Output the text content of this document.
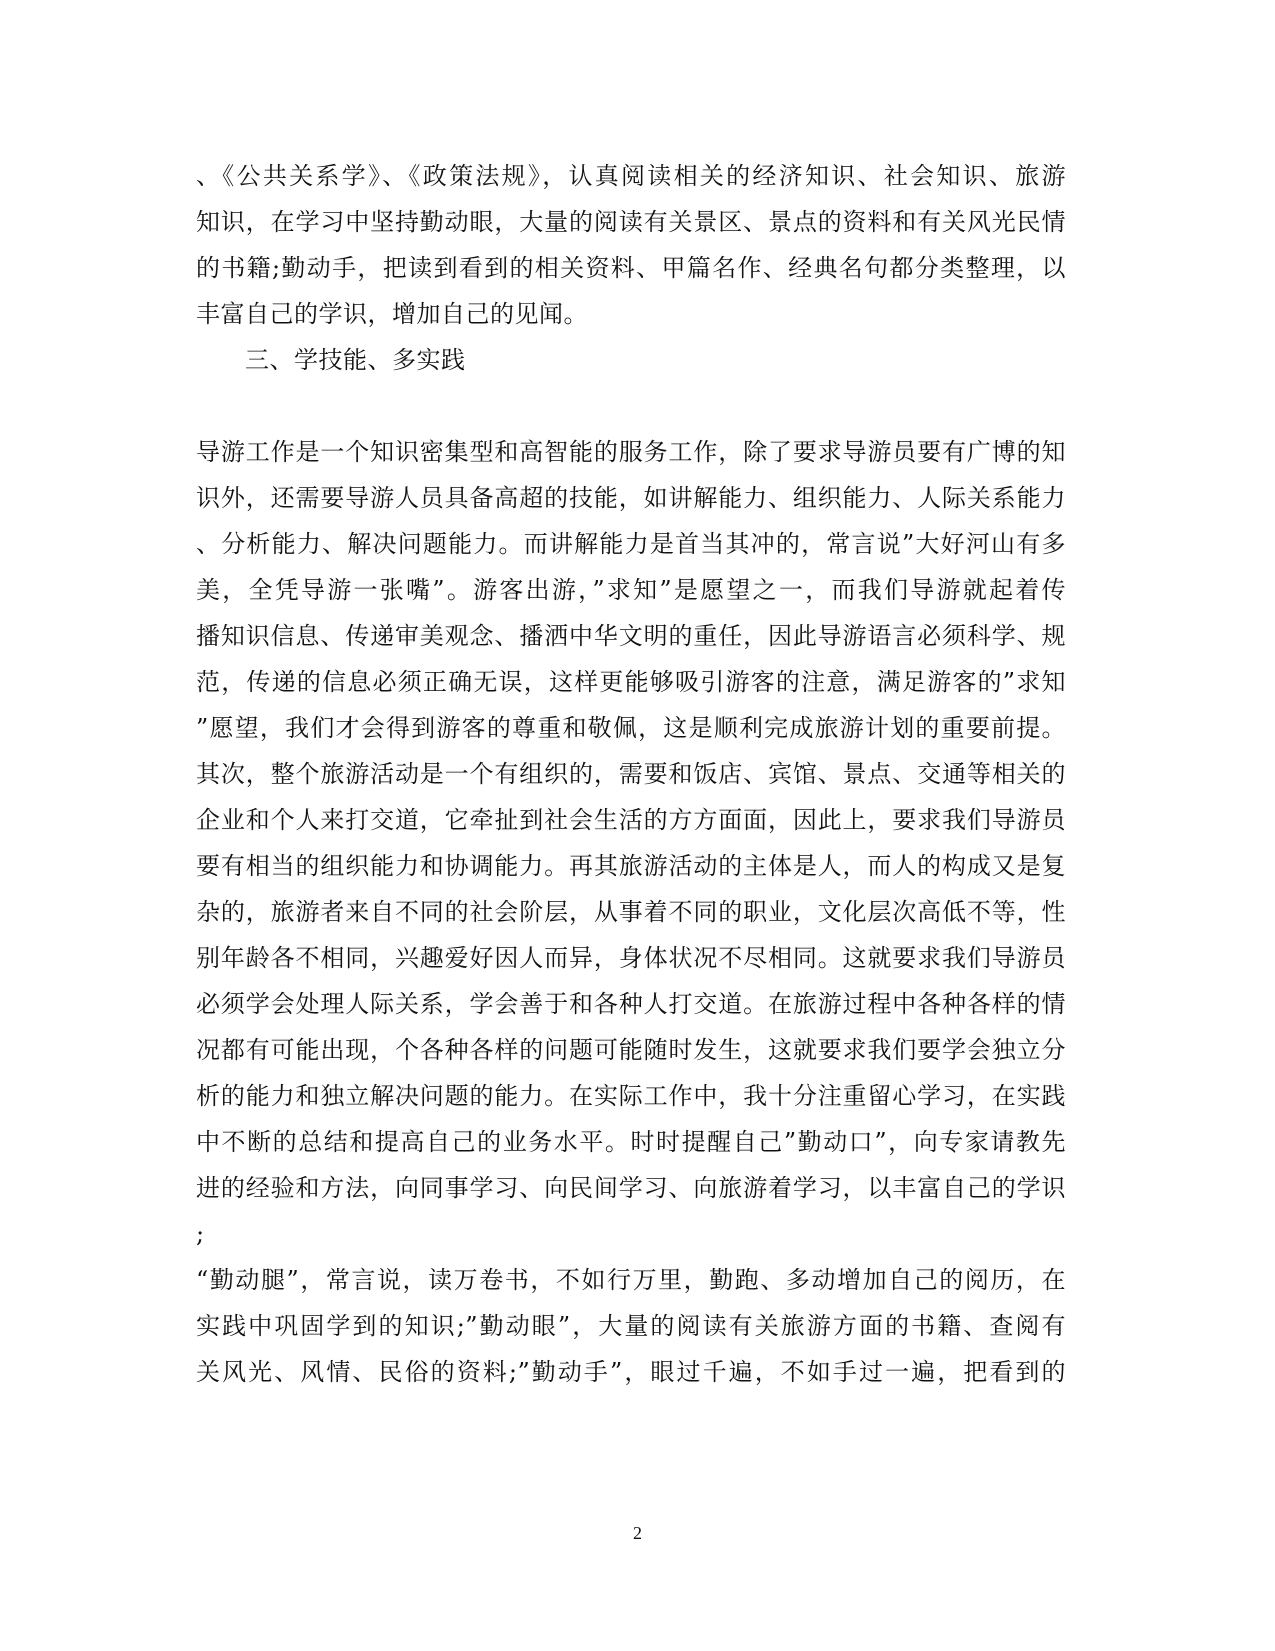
、《公共关系学》、《政策法规》，认真阅读相关的经济知识、社会知识、旅游
知识，在学习中坚持勤动眼，大量的阅读有关景区、景点的资料和有关风光民情
的书籍;勤动手，把读到看到的相关资料、甲篇名作、经典名句都分类整理，以
丰富自己的学识，增加自己的见闻。
三、学技能、多实践
导游工作是一个知识密集型和高智能的服务工作，除了要求导游员要有广博的知
识外，还需要导游人员具备高超的技能，如讲解能力、组织能力、人际关系能力
、分析能力、解决问题能力。而讲解能力是首当其冲的，常言说”大好河山有多
美，全凭导游一张嘴”。游客出游，”求知”是愿望之一，而我们导游就起着传
播知识信息、传递审美观念、播洒中华文明的重任，因此导游语言必须科学、规
范，传递的信息必须正确无误，这样更能够吸引游客的注意，满足游客的”求知
”愿望，我们才会得到游客的尊重和敬佩，这是顺利完成旅游计划的重要前提。
其次，整个旅游活动是一个有组织的，需要和饭店、宾馆、景点、交通等相关的
企业和个人来打交道，它牵扯到社会生活的方方面面，因此上，要求我们导游员
要有相当的组织能力和协调能力。再其旅游活动的主体是人，而人的构成又是复
杂的，旅游者来自不同的社会阶层，从事着不同的职业，文化层次高低不等，性
别年龄各不相同，兴趣爱好因人而异，身体状况不尽相同。这就要求我们导游员
必须学会处理人际关系，学会善于和各种人打交道。在旅游过程中各种各样的情
况都有可能出现，个各种各样的问题可能随时发生，这就要求我们要学会独立分
析的能力和独立解决问题的能力。在实际工作中，我十分注重留心学习，在实践
中不断的总结和提高自己的业务水平。时时提醒自己”勤动口”，向专家请教先
进的经验和方法，向同事学习、向民间学习、向旅游着学习，以丰富自己的学识
;
“勤动腿”，常言说，读万卷书，不如行万里，勤跑、多动增加自己的阅历，在
实践中巩固学到的知识;”勤动眼”，大量的阅读有关旅游方面的书籍、查阅有
关风光、风情、民俗的资料;”勤动手”，眼过千遍，不如手过一遍，把看到的
2
